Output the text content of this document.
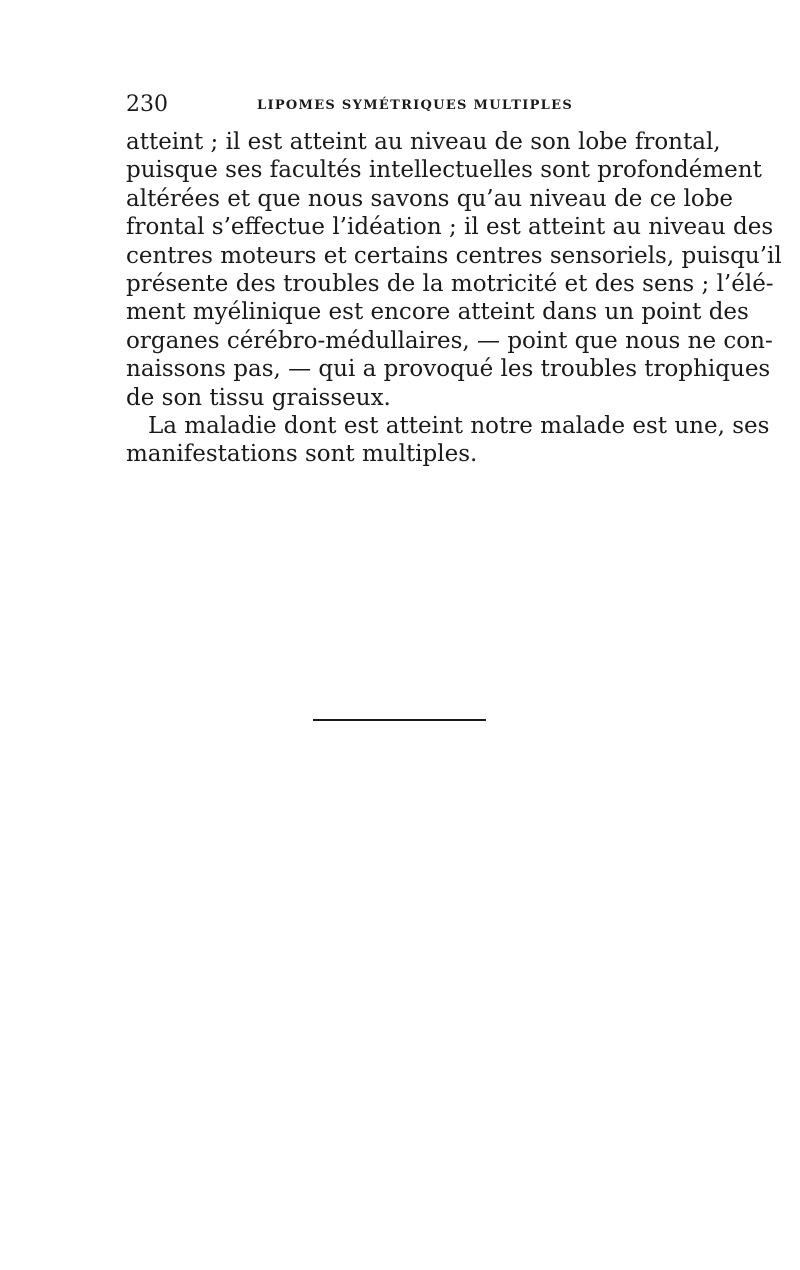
230	LIPOMES SYMÉTRIQUES MULTIPLES
atteint ; il est atteint au niveau de son lobe frontal,
puisque ses facultés intellectuelles sont profondément
altérées et que nous savons qu’au niveau de ce lobe
frontal s’effectue l’idéation ; il est atteint au niveau des
centres moteurs et certains centres sensoriels, puisqu’il
présente des troubles de la motricité et des sens ; l’élé-
ment myélinique est encore atteint dans un point des
organes cérébro-médullaires, — point que nous ne con-
naissons pas, — qui a provoqué les troubles trophiques
de son tissu graisseux.
La maladie dont est atteint notre malade est une, ses
manifestations sont multiples.
